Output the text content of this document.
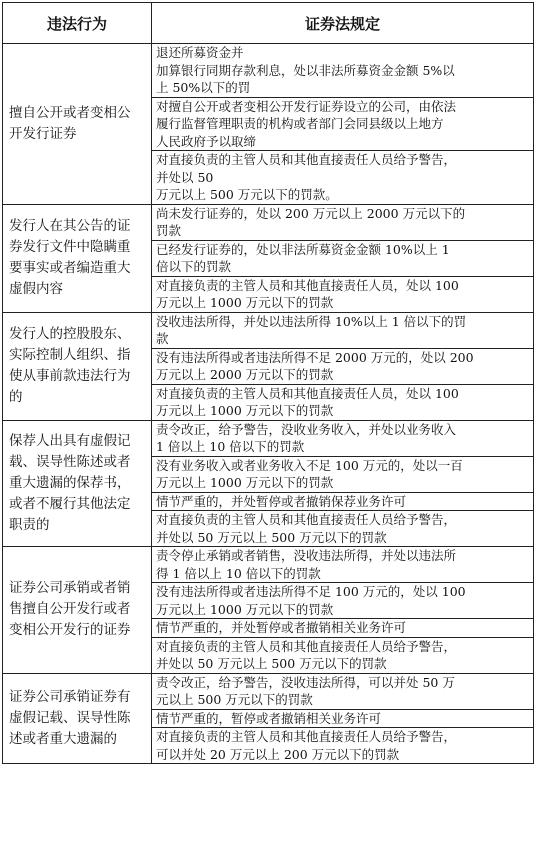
违法行为	证券法规定
擅自公开或者变相公
开发行证券	退还所募资金并
加算银行同期存款利息，处以非法所募资金金额 5%以
上 50%以下的罚
	对擅自公开或者变相公开发行证券设立的公司，由依法
履行监督管理职责的机构或者部门会同县级以上地方
人民政府予以取缔
	对直接负责的主管人员和其他直接责任人员给予警告，
并处以 50
万元以上 500 万元以下的罚款。
发行人在其公告的证
券发行文件中隐瞒重
要事实或者编造重大
虚假内容	尚未发行证券的，处以 200 万元以上 2000 万元以下的
罚款
	已经发行证券的，处以非法所募资金金额 10%以上 1
倍以下的罚款
	对直接负责的主管人员和其他直接责任人员，处以 100
万元以上 1000 万元以下的罚款
发行人的控股股东、
实际控制人组织、指
使从事前款违法行为
的	没收违法所得，并处以违法所得 10%以上 1 倍以下的罚
款
	没有违法所得或者违法所得不足 2000 万元的，处以 200
万元以上 2000 万元以下的罚款
	对直接负责的主管人员和其他直接责任人员，处以 100
万元以上 1000 万元以下的罚款
保荐人出具有虚假记
载、误导性陈述或者
重大遗漏的保荐书，
或者不履行其他法定
职责的	责令改正，给予警告，没收业务收入，并处以业务收入
1 倍以上 10 倍以下的罚款
	没有业务收入或者业务收入不足 100 万元的，处以一百
万元以上 1000 万元以下的罚款
	情节严重的，并处暂停或者撤销保荐业务许可
	对直接负责的主管人员和其他直接责任人员给予警告，
并处以 50 万元以上 500 万元以下的罚款
证券公司承销或者销
售擅自公开发行或者
变相公开发行的证券	责令停止承销或者销售，没收违法所得，并处以违法所
得 1 倍以上 10 倍以下的罚款
	没有违法所得或者违法所得不足 100 万元的，处以 100
万元以上 1000 万元以下的罚款
	情节严重的，并处暂停或者撤销相关业务许可
	对直接负责的主管人员和其他直接责任人员给予警告，
并处以 50 万元以上 500 万元以下的罚款
证券公司承销证券有
虚假记载、误导性陈
述或者重大遗漏的	责令改正，给予警告，没收违法所得，可以并处 50 万
元以上 500 万元以下的罚款
	情节严重的，暂停或者撤销相关业务许可
	对直接负责的主管人员和其他直接责任人员给予警告，
可以并处 20 万元以上 200 万元以下的罚款
